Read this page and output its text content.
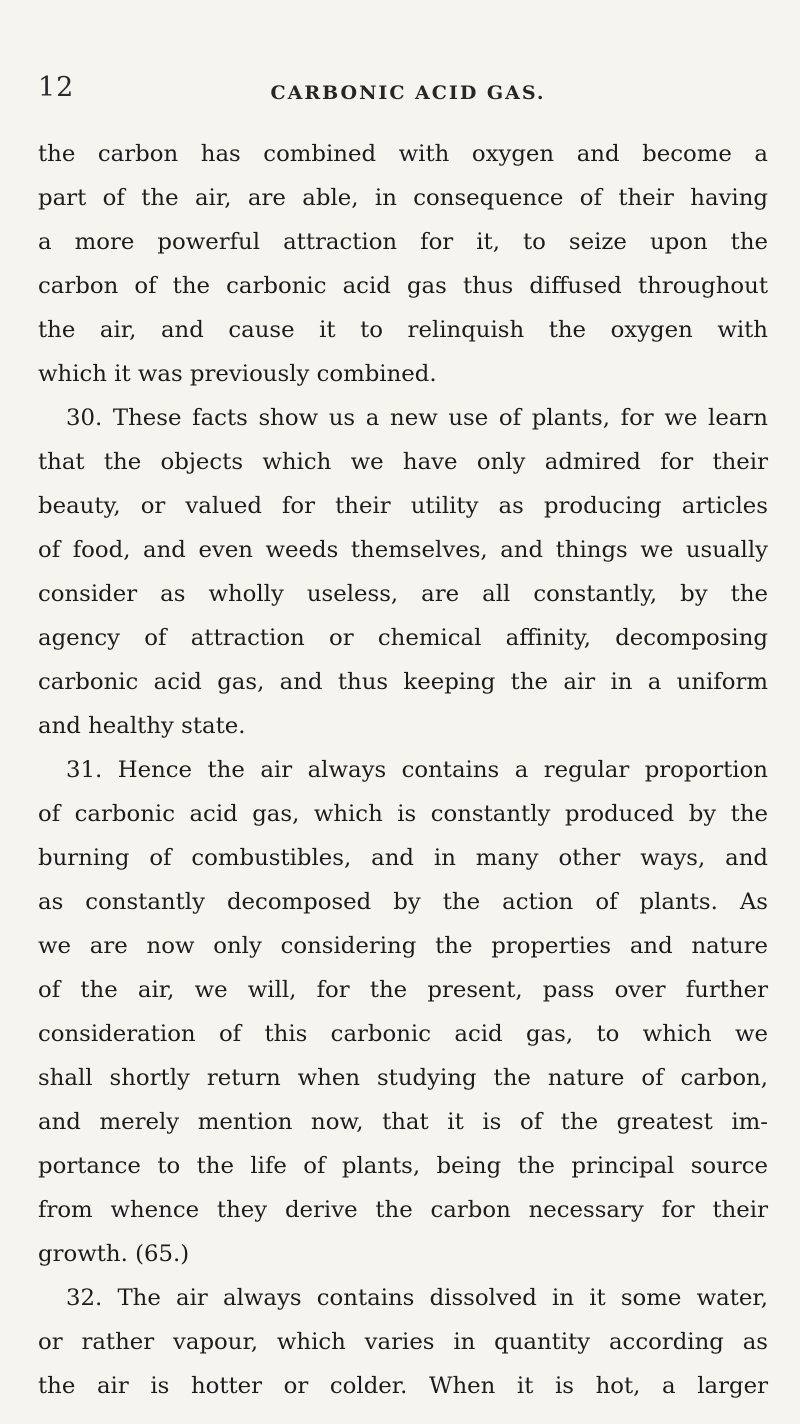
12	CARBONIC ACID GAS.
the carbon has combined with oxygen and become a
part of the air, are able, in consequence of their having
a more powerful attraction for it, to seize upon the
carbon of the carbonic acid gas thus diffused throughout
the air, and cause it to relinquish the oxygen with
which it was previously combined.
30. These facts show us a new use of plants, for we learn
that the objects which we have only admired for their
beauty, or valued for their utility as producing articles
of food, and even weeds themselves, and things we usually
consider as wholly useless, are all constantly, by the
agency of attraction or chemical affinity, decomposing
carbonic acid gas, and thus keeping the air in a uniform
and healthy state.
31. Hence the air always contains a regular proportion
of carbonic acid gas, which is constantly produced by the
burning of combustibles, and in many other ways, and
as constantly decomposed by the action of plants. As
we are now only considering the properties and nature
of the air, we will, for the present, pass over further
consideration of this carbonic acid gas, to which we
shall shortly return when studying the nature of carbon,
and merely mention now, that it is of the greatest im-
portance to the life of plants, being the principal source
from whence they derive the carbon necessary for their
growth. (65.)
32. The air always contains dissolved in it some water,
or rather vapour, which varies in quantity according as
the air is hotter or colder. When it is hot, a larger
